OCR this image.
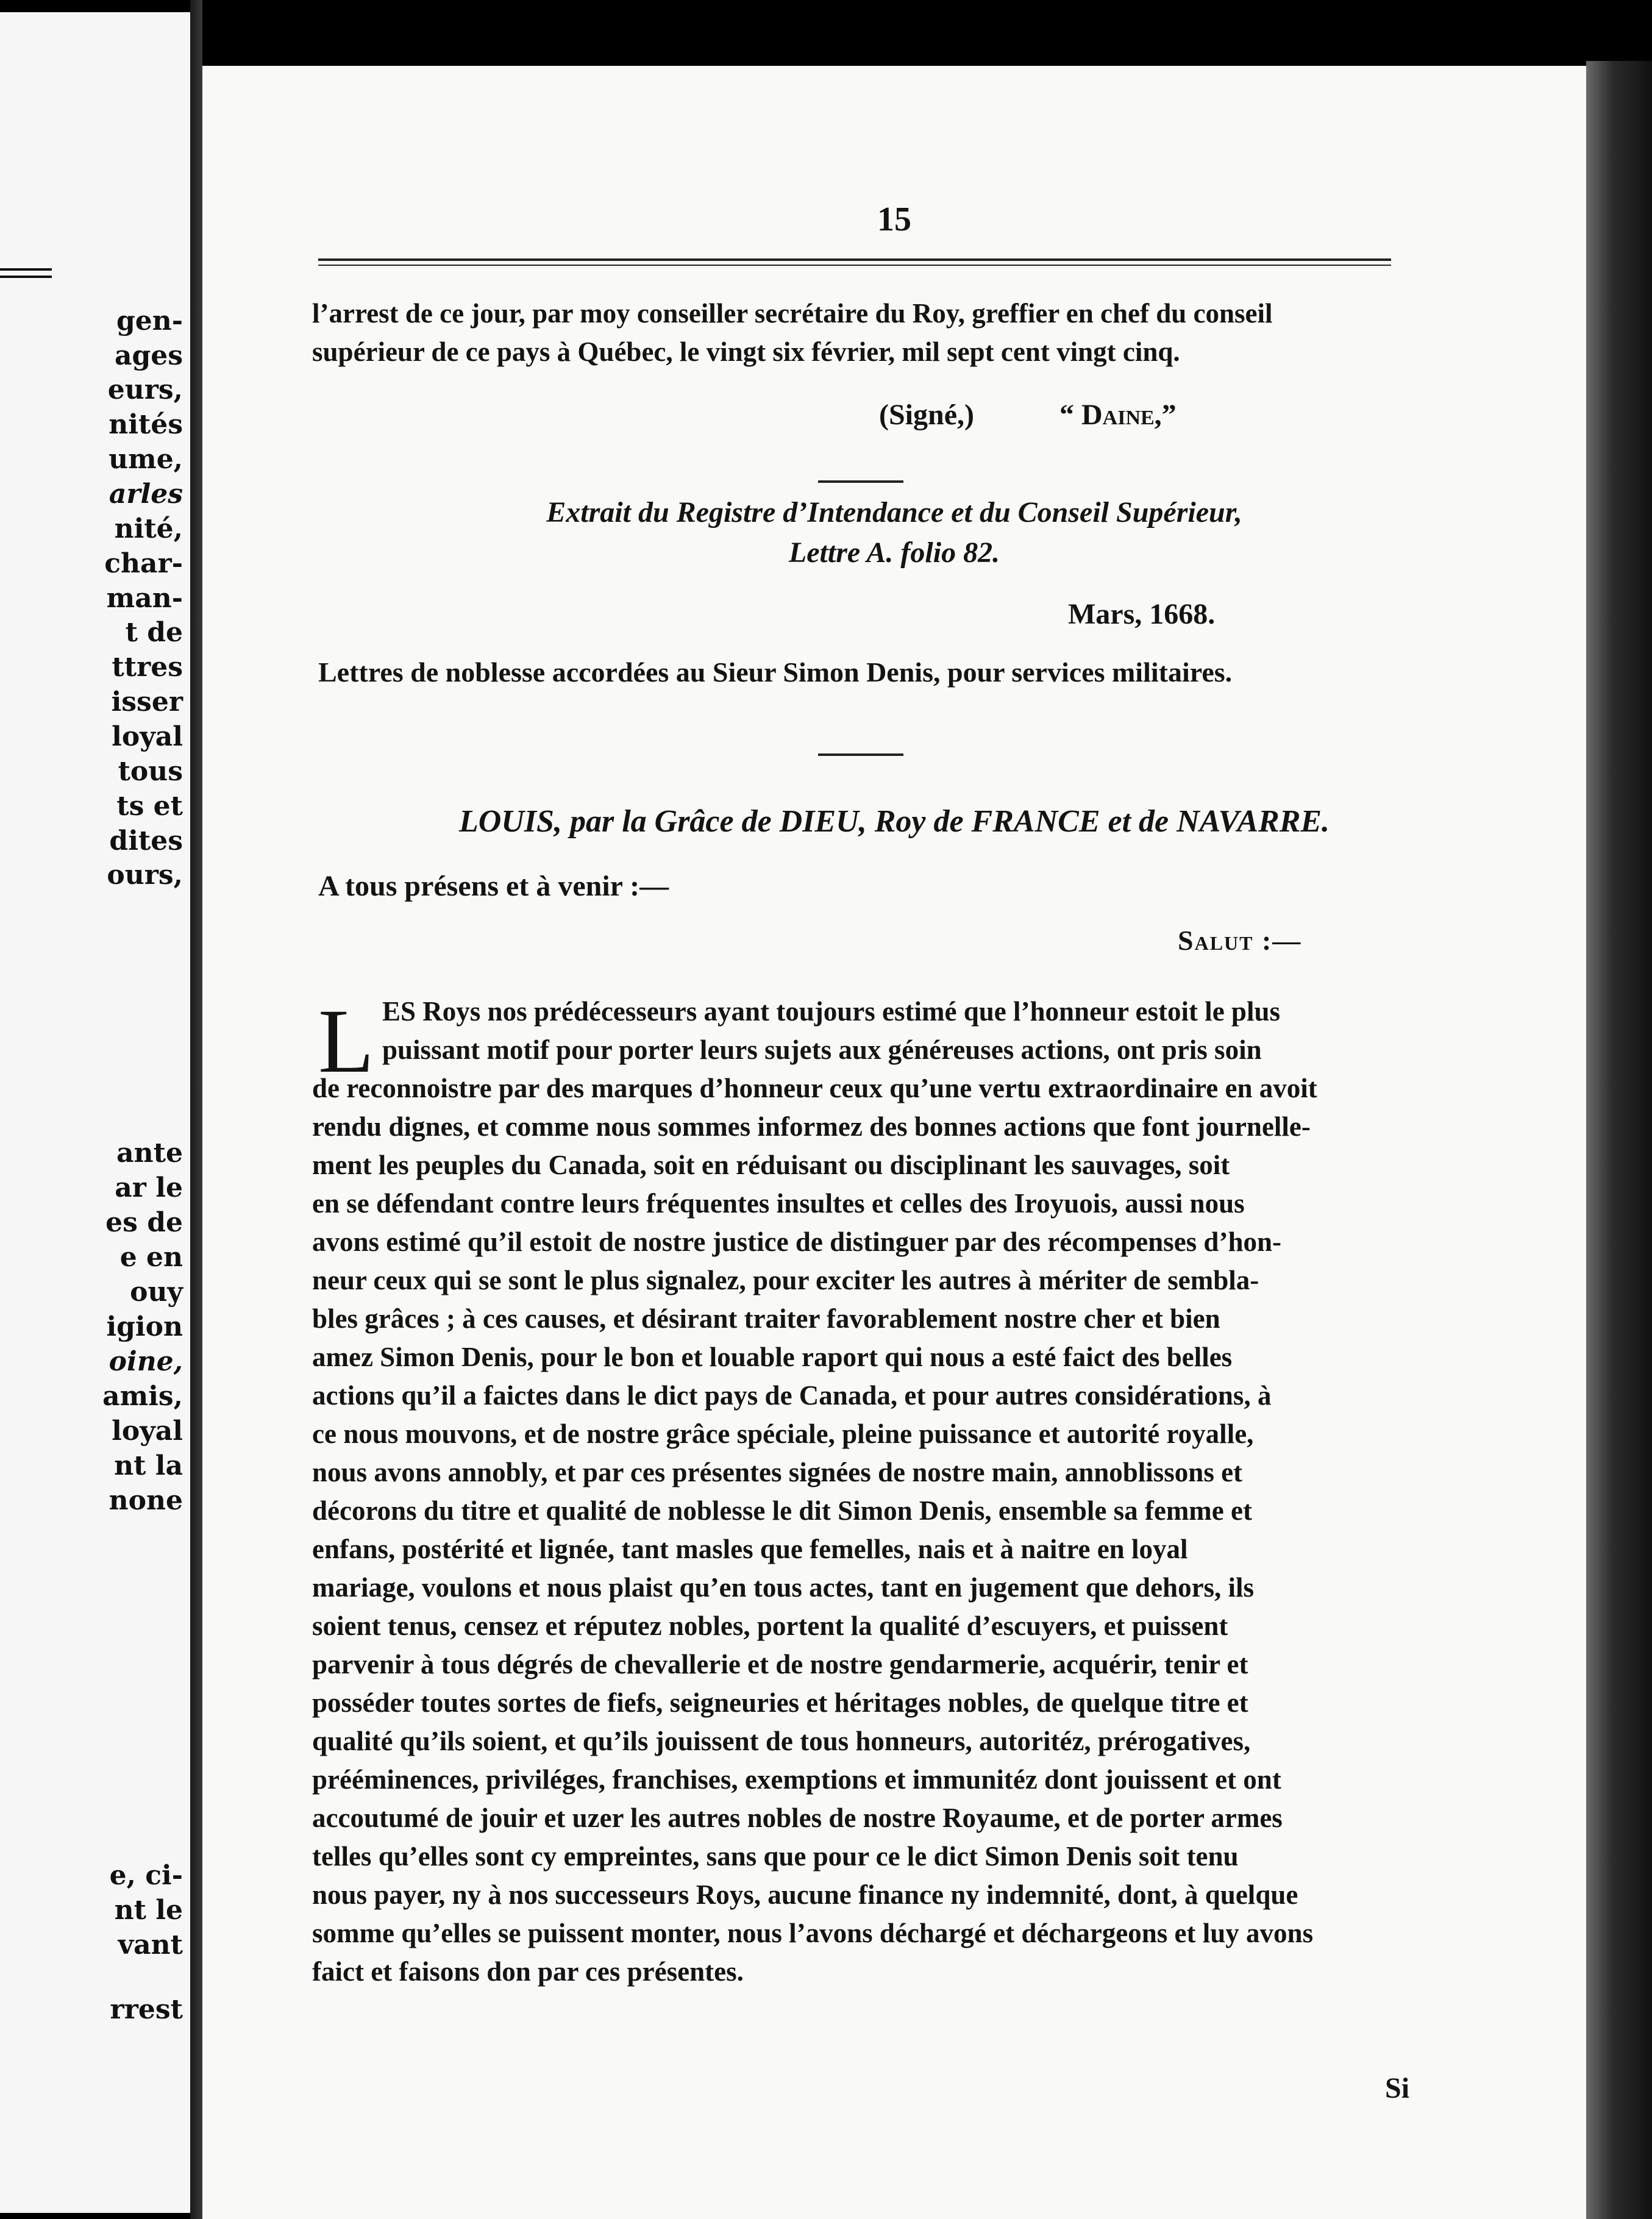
gen-
ages
eurs,
nités
ume,
arles
nité,
char-
man-
t de
ttres
isser
loyal
tous
ts et
dites
ours,
ante
ar le
es de
e en
ouy
igion
oine,
amis,
loyal
nt la
none
e, ci-
nt le
vant
rrest
15
l’arrest de ce jour, par moy conseiller secrétaire du Roy, greffier en chef du conseil
supérieur de ce pays à Québec, le vingt six février, mil sept cent vingt cinq.
(Signé,)	“ Daine,”
Extrait du Registre d’Intendance et du Conseil Supérieur,
Lettre A. folio 82.
Mars, 1668.
Lettres de noblesse accordées au Sieur Simon Denis, pour services militaires.
LOUIS, par la Grâce de DIEU, Roy de FRANCE et de NAVARRE.
A tous présens et à venir :—
Salut :—
L ES Roys nos prédécesseurs ayant toujours estimé que l’honneur estoit le plus
puissant motif pour porter leurs sujets aux généreuses actions, ont pris soin
de reconnoistre par des marques d’honneur ceux qu’une vertu extraordinaire en avoit
rendu dignes, et comme nous sommes informez des bonnes actions que font journelle-
ment les peuples du Canada, soit en réduisant ou disciplinant les sauvages, soit
en se défendant contre leurs fréquentes insultes et celles des Iroyuois, aussi nous
avons estimé qu’il estoit de nostre justice de distinguer par des récompenses d’hon-
neur ceux qui se sont le plus signalez, pour exciter les autres à mériter de sembla-
bles grâces ; à ces causes, et désirant traiter favorablement nostre cher et bien
amez Simon Denis, pour le bon et louable raport qui nous a esté faict des belles
actions qu’il a faictes dans le dict pays de Canada, et pour autres considérations, à
ce nous mouvons, et de nostre grâce spéciale, pleine puissance et autorité royalle,
nous avons annobly, et par ces présentes signées de nostre main, annoblissons et
décorons du titre et qualité de noblesse le dit Simon Denis, ensemble sa femme et
enfans, postérité et lignée, tant masles que femelles, nais et à naitre en loyal
mariage, voulons et nous plaist qu’en tous actes, tant en jugement que dehors, ils
soient tenus, censez et réputez nobles, portent la qualité d’escuyers, et puissent
parvenir à tous dégrés de chevallerie et de nostre gendarmerie, acquérir, tenir et
posséder toutes sortes de fiefs, seigneuries et héritages nobles, de quelque titre et
qualité qu’ils soient, et qu’ils jouissent de tous honneurs, autoritéz, prérogatives,
prééminences, priviléges, franchises, exemptions et immunitéz dont jouissent et ont
accoutumé de jouir et uzer les autres nobles de nostre Royaume, et de porter armes
telles qu’elles sont cy empreintes, sans que pour ce le dict Simon Denis soit tenu
nous payer, ny à nos successeurs Roys, aucune finance ny indemnité, dont, à quelque
somme qu’elles se puissent monter, nous l’avons déchargé et déchargeons et luy avons
faict et faisons don par ces présentes.
Si
